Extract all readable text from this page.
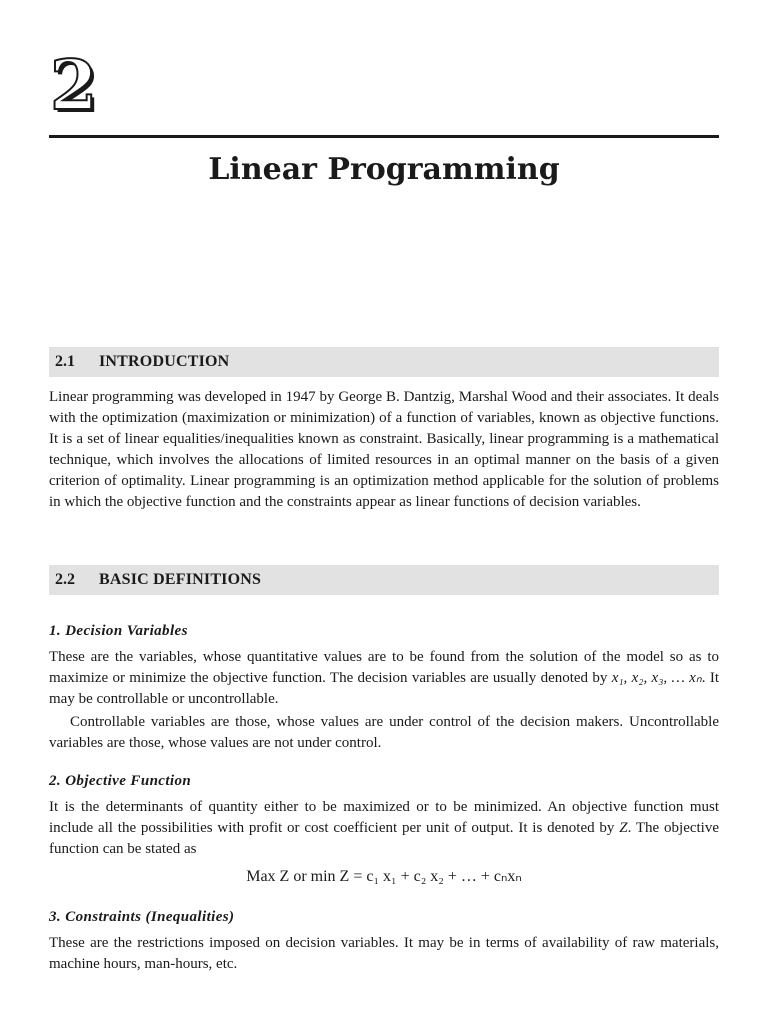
2
Linear Programming
2.1	INTRODUCTION

Linear programming was developed in 1947 by George B. Dantzig, Marshal Wood and their associates. It deals with the optimization (maximization or minimization) of a function of variables, known as objective functions. It is a set of linear equalities/inequalities known as constraint. Basically, linear programming is a mathematical technique, which involves the allocations of limited resources in an optimal manner on the basis of a given criterion of optimality. Linear programming is an optimization method applicable for the solution of problems in which the objective function and the constraints appear as linear functions of decision variables.

2.2	BASIC DEFINITIONS
1. Decision Variables

These are the variables, whose quantitative values are to be found from the solution of the model so as to maximize or minimize the objective function. The decision variables are usually denoted by x₁, x₂, x₃, … xₙ. It may be controllable or uncontrollable.

Controllable variables are those, whose values are under control of the decision makers. Uncontrollable variables are those, whose values are not under control.

2. Objective Function

It is the determinants of quantity either to be maximized or to be minimized. An objective function must include all the possibilities with profit or cost coefficient per unit of output. It is denoted by Z. The objective function can be stated as

Max Z or min Z = c₁ x₁ + c₂ x₂ + … + cₙxₙ
3. Constraints (Inequalities)

These are the restrictions imposed on decision variables. It may be in terms of availability of raw materials, machine hours, man-hours, etc.
